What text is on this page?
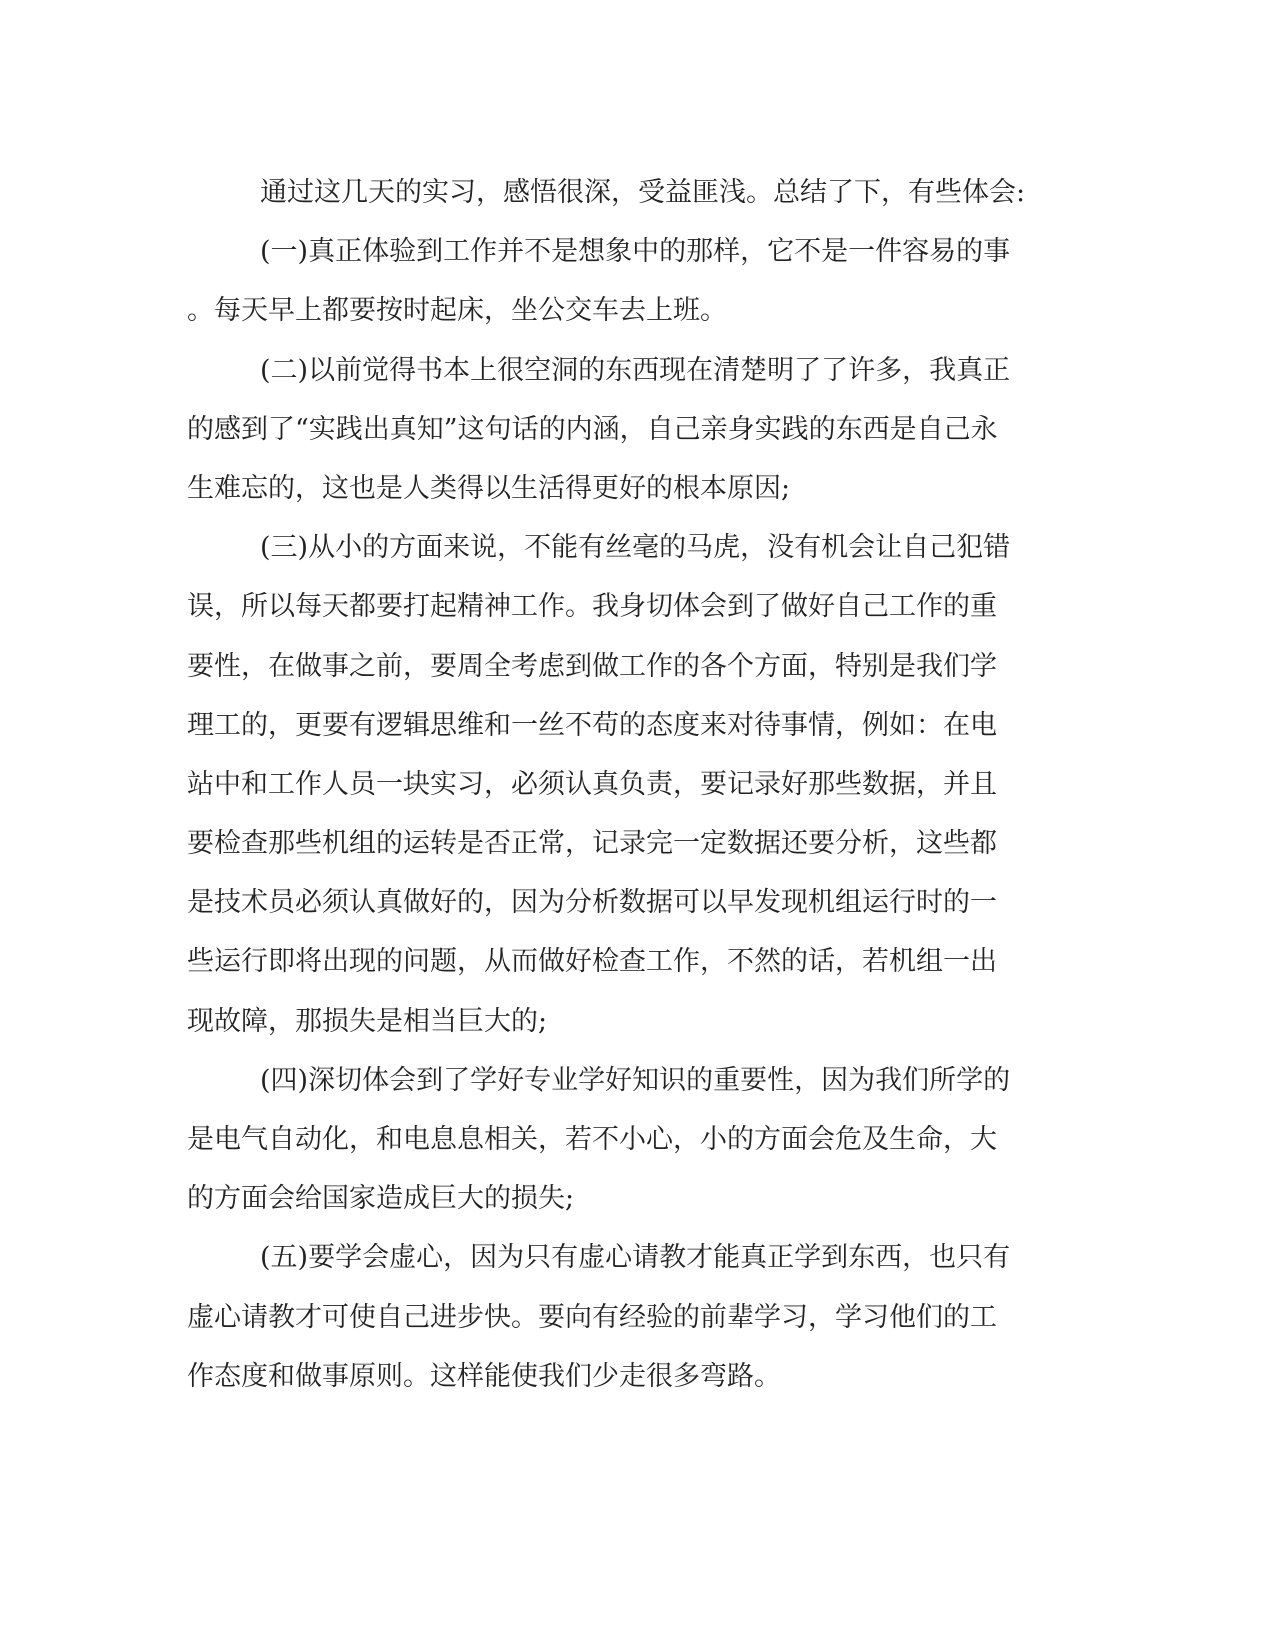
通过这几天的实习，感悟很深，受益匪浅。总结了下，有些体会:
(一)真正体验到工作并不是想象中的那样，它不是一件容易的事
。每天早上都要按时起床，坐公交车去上班。
(二)以前觉得书本上很空洞的东西现在清楚明了了许多，我真正
的感到了“实践出真知”这句话的内涵，自己亲身实践的东西是自己永
生难忘的，这也是人类得以生活得更好的根本原因;
(三)从小的方面来说，不能有丝毫的马虎，没有机会让自己犯错
误，所以每天都要打起精神工作。我身切体会到了做好自己工作的重
要性，在做事之前，要周全考虑到做工作的各个方面，特别是我们学
理工的，更要有逻辑思维和一丝不苟的态度来对待事情，例如：在电
站中和工作人员一块实习，必须认真负责，要记录好那些数据，并且
要检查那些机组的运转是否正常，记录完一定数据还要分析，这些都
是技术员必须认真做好的，因为分析数据可以早发现机组运行时的一
些运行即将出现的问题，从而做好检查工作，不然的话，若机组一出
现故障，那损失是相当巨大的;
(四)深切体会到了学好专业学好知识的重要性，因为我们所学的
是电气自动化，和电息息相关，若不小心，小的方面会危及生命，大
的方面会给国家造成巨大的损失;
(五)要学会虚心，因为只有虚心请教才能真正学到东西，也只有
虚心请教才可使自己进步快。要向有经验的前辈学习，学习他们的工
作态度和做事原则。这样能使我们少走很多弯路。
